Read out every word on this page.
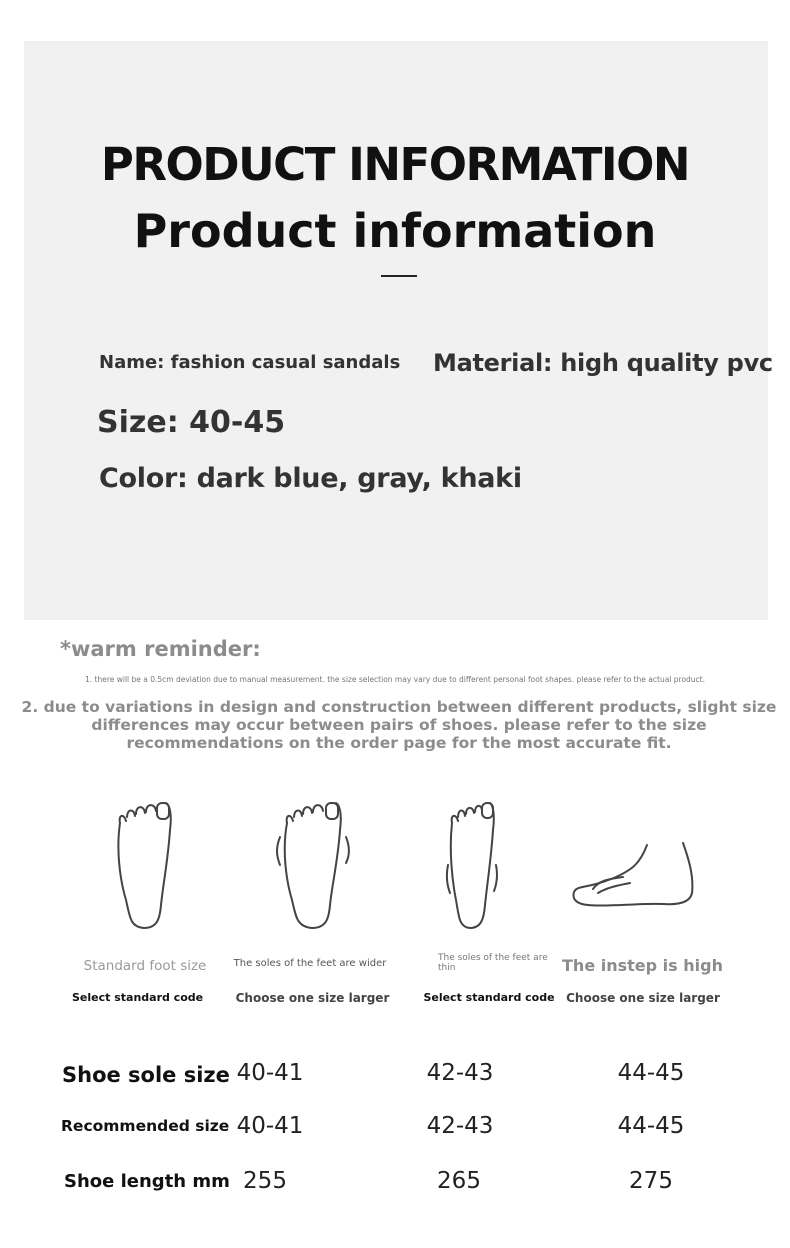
PRODUCT INFORMATION
Product information
Name: fashion casual sandals Material: high quality pvc
Size: 40-45
Color: dark blue, gray, khaki
*warm reminder:
1. there will be a 0.5cm deviation due to manual measurement. the size selection may vary due to different personal foot shapes. please refer to the actual product.
2. due to variations in design and construction between different products, slight size differences may occur between pairs of shoes. please refer to the size recommendations on the order page for the most accurate fit.
Standard foot size	The soles of the feet are wider	The soles of the feet are thin	The instep is high
Select standard code	Choose one size larger	Select standard code Choose one size larger
Shoe sole size 40-41	42-43	44-45
Recommended size 40-41	42-43	44-45
Shoe length mm 255	265	275
